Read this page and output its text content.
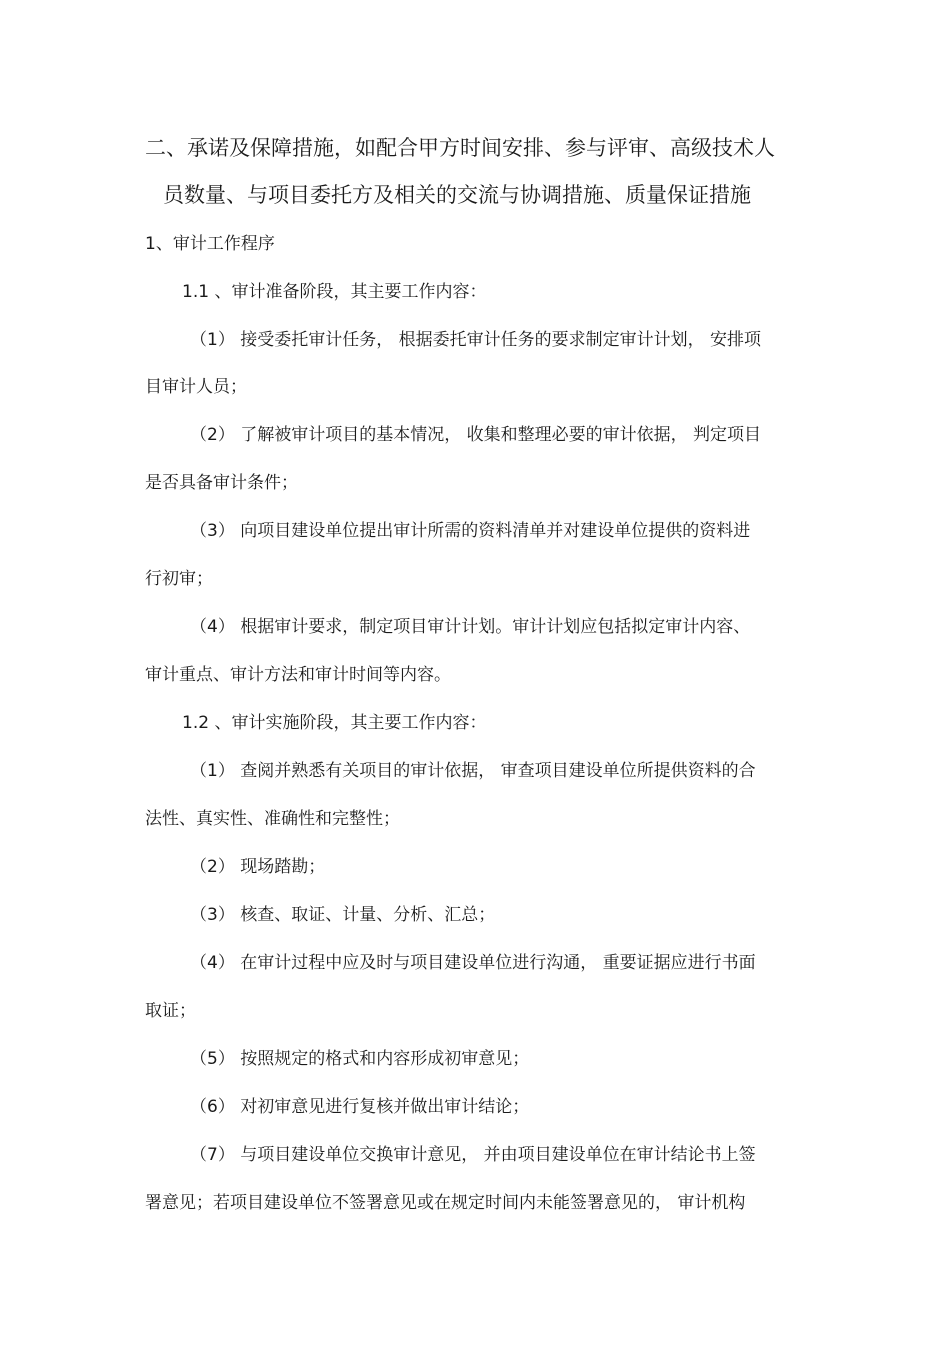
二、承诺及保障措施，如配合甲方时间安排、参与评审、高级技术人
员数量、与项目委托方及相关的交流与协调措施、质量保证措施
1、审计工作程序
1.1 、审计准备阶段，其主要工作内容：
（1） 接受委托审计任务， 根据委托审计任务的要求制定审计计划， 安排项
目审计人员；
（2） 了解被审计项目的基本情况， 收集和整理必要的审计依据， 判定项目
是否具备审计条件；
（3） 向项目建设单位提出审计所需的资料清单并对建设单位提供的资料进
行初审；
（4） 根据审计要求，制定项目审计计划。审计计划应包括拟定审计内容、
审计重点、审计方法和审计时间等内容。
1.2 、审计实施阶段，其主要工作内容：
（1） 查阅并熟悉有关项目的审计依据， 审查项目建设单位所提供资料的合
法性、真实性、准确性和完整性；
（2） 现场踏勘；
（3） 核查、取证、计量、分析、汇总；
（4） 在审计过程中应及时与项目建设单位进行沟通， 重要证据应进行书面
取证；
（5） 按照规定的格式和内容形成初审意见；
（6） 对初审意见进行复核并做出审计结论；
（7） 与项目建设单位交换审计意见， 并由项目建设单位在审计结论书上签
署意见；若项目建设单位不签署意见或在规定时间内未能签署意见的， 审计机构
